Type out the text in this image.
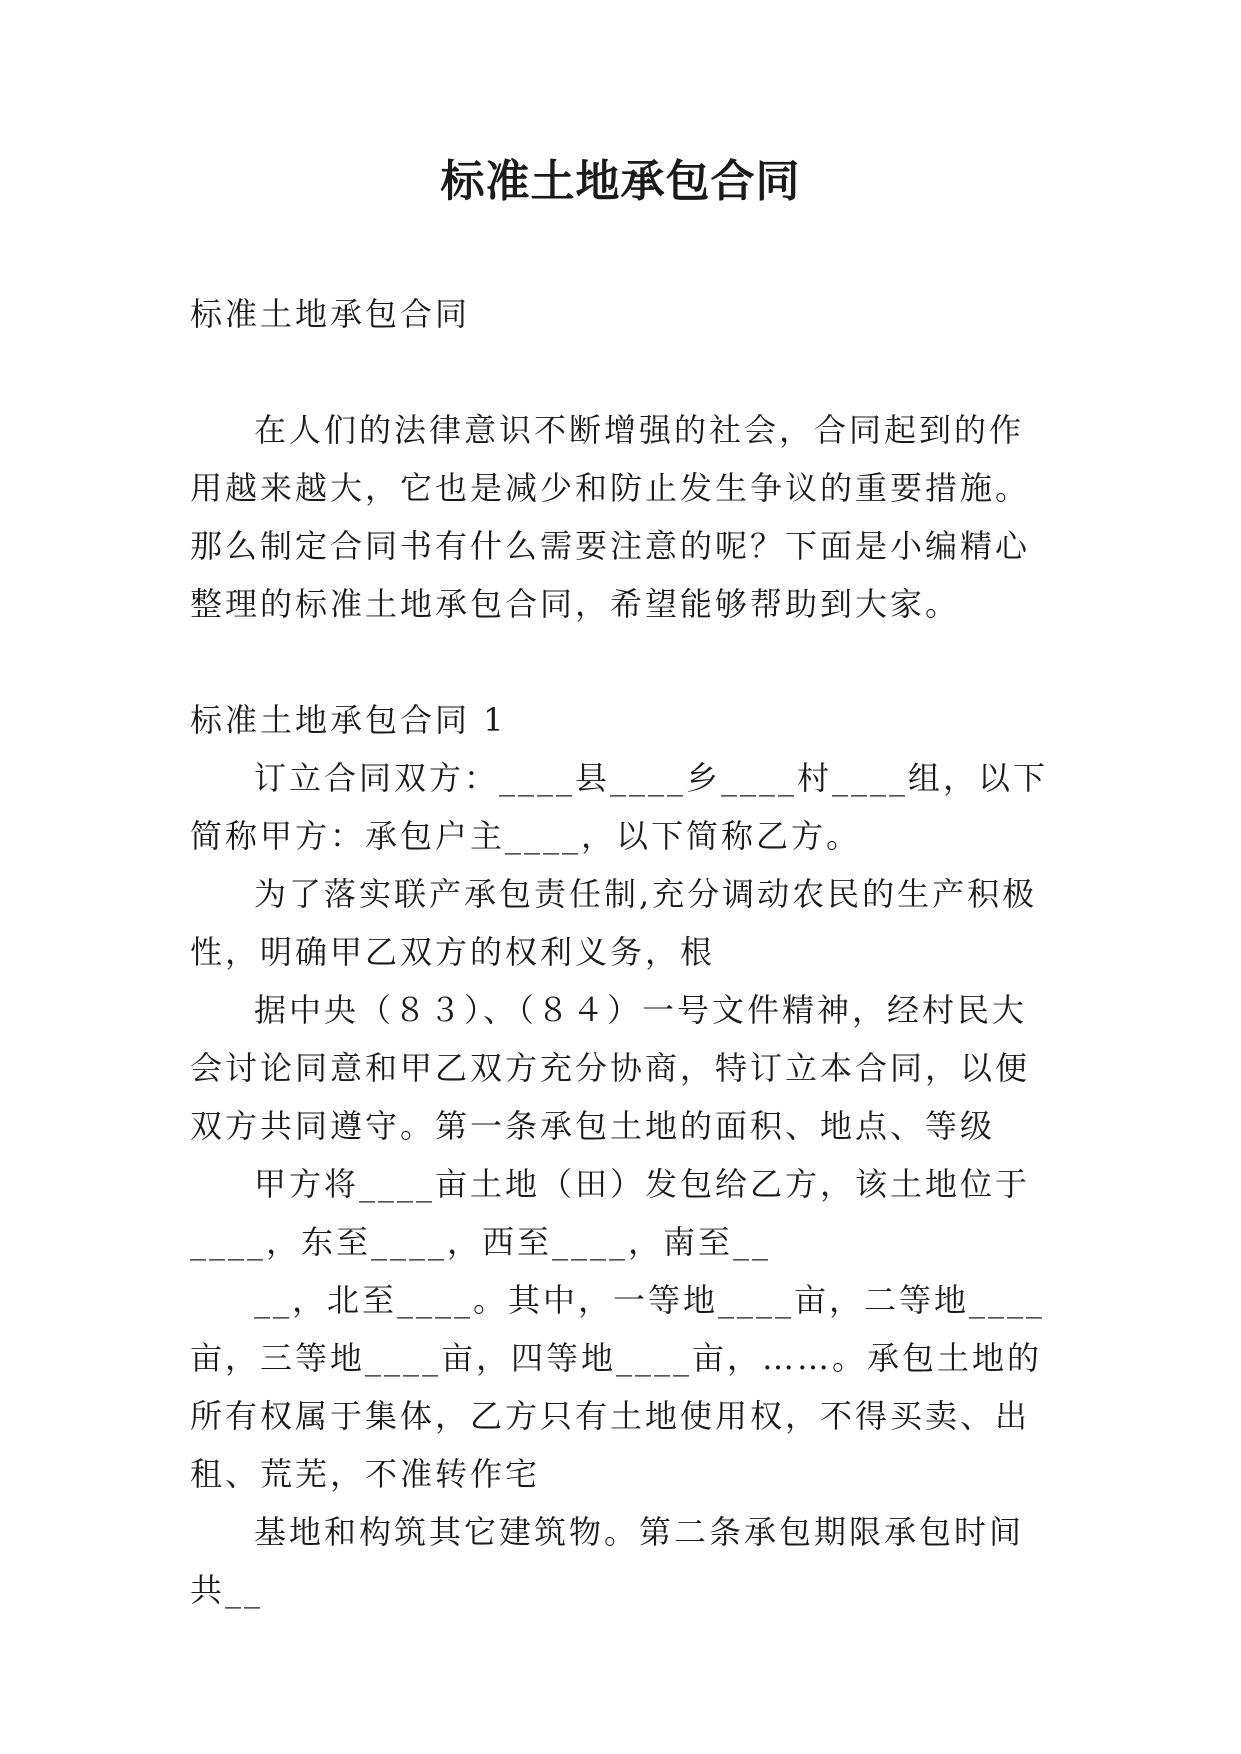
标准土地承包合同

标准土地承包合同

在人们的法律意识不断增强的社会，合同起到的作用越来越大，它也是减少和防止发生争议的重要措施。那么制定合同书有什么需要注意的呢？下面是小编精心整理的标准土地承包合同，希望能够帮助到大家。

标准土地承包合同 1

订立合同双方：____县____乡____村____组，以下简称甲方：承包户主____，以下简称乙方。

为了落实联产承包责任制,充分调动农民的生产积极性，明确甲乙双方的权利义务，根

据中央（８３）、（８４）一号文件精神，经村民大会讨论同意和甲乙双方充分协商，特订立本合同，以便双方共同遵守。第一条承包土地的面积、地点、等级

甲方将____亩土地（田）发包给乙方，该土地位于____，东至____，西至____，南至__

__，北至____。其中，一等地____亩，二等地____亩，三等地____亩，四等地____亩，……。承包土地的所有权属于集体，乙方只有土地使用权，不得买卖、出租、荒芜，不准转作宅

基地和构筑其它建筑物。第二条承包期限承包时间共__
